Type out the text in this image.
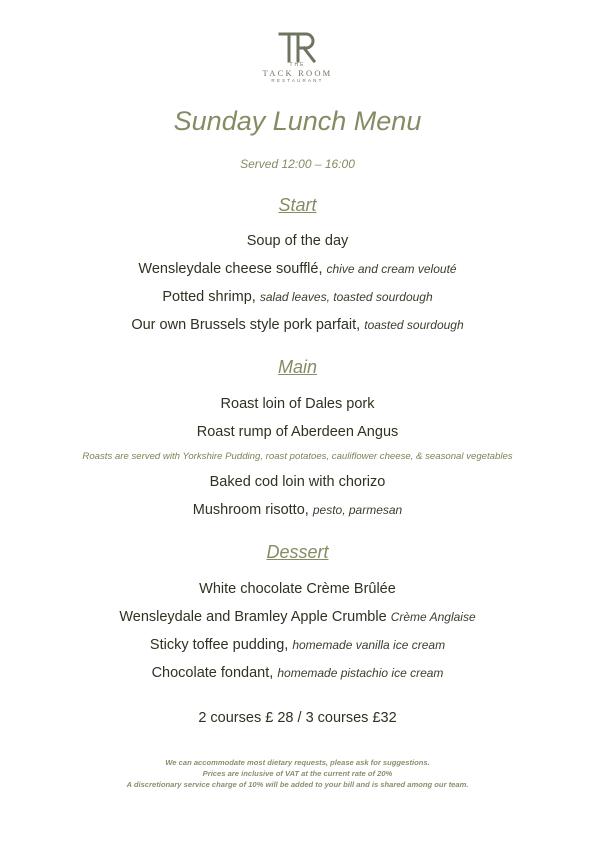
THE
TACK ROOM
RESTAURANT
Sunday Lunch Menu
Served 12:00 – 16:00
Start
Soup of the day
Wensleydale cheese soufflé, chive and cream velouté
Potted shrimp, salad leaves, toasted sourdough
Our own Brussels style pork parfait, toasted sourdough
Main
Roast loin of Dales pork
Roast rump of Aberdeen Angus
Roasts are served with Yorkshire Pudding, roast potatoes, cauliflower cheese, & seasonal vegetables
Baked cod loin with chorizo
Mushroom risotto, pesto, parmesan
Dessert
White chocolate Crème Brûlée
Wensleydale and Bramley Apple Crumble Crème Anglaise
Sticky toffee pudding, homemade vanilla ice cream
Chocolate fondant, homemade pistachio ice cream
2 courses £ 28 / 3 courses £32
We can accommodate most dietary requests, please ask for suggestions.
Prices are inclusive of VAT at the current rate of 20%
A discretionary service charge of 10% will be added to your bill and is shared among our team.
